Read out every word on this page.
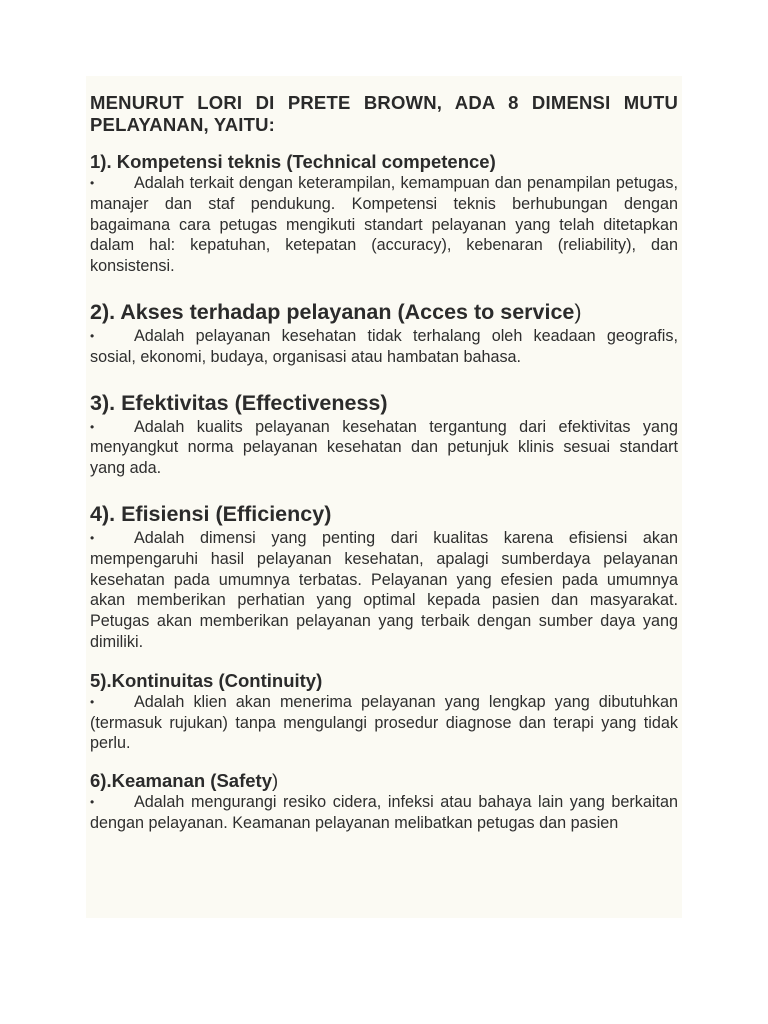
MENURUT LORI DI PRETE BROWN, ADA 8 DIMENSI MUTU PELAYANAN, YAITU:
1). Kompetensi teknis (Technical competence)

• Adalah terkait dengan keterampilan, kemampuan dan penampilan petugas, manajer dan staf pendukung. Kompetensi teknis berhubungan dengan bagaimana cara petugas mengikuti standart pelayanan yang telah ditetapkan dalam hal: kepatuhan, ketepatan (accuracy), kebenaran (reliability), dan konsistensi.

2). Akses terhadap pelayanan (Acces to service)

• Adalah pelayanan kesehatan tidak terhalang oleh keadaan geografis, sosial, ekonomi, budaya, organisasi atau hambatan bahasa.

3). Efektivitas (Effectiveness)

• Adalah kualits pelayanan kesehatan tergantung dari efektivitas yang menyangkut norma pelayanan kesehatan dan petunjuk klinis sesuai standart yang ada.

4). Efisiensi (Efficiency)

• Adalah dimensi yang penting dari kualitas karena efisiensi akan mempengaruhi hasil pelayanan kesehatan, apalagi sumberdaya pelayanan kesehatan pada umumnya terbatas. Pelayanan yang efesien pada umumnya akan memberikan perhatian yang optimal kepada pasien dan masyarakat. Petugas akan memberikan pelayanan yang terbaik dengan sumber daya yang dimiliki.

5).Kontinuitas (Continuity)

• Adalah klien akan menerima pelayanan yang lengkap yang dibutuhkan (termasuk rujukan) tanpa mengulangi prosedur diagnose dan terapi yang tidak perlu.

6).Keamanan (Safety)

• Adalah mengurangi resiko cidera, infeksi atau bahaya lain yang berkaitan dengan pelayanan. Keamanan pelayanan melibatkan petugas dan pasien
